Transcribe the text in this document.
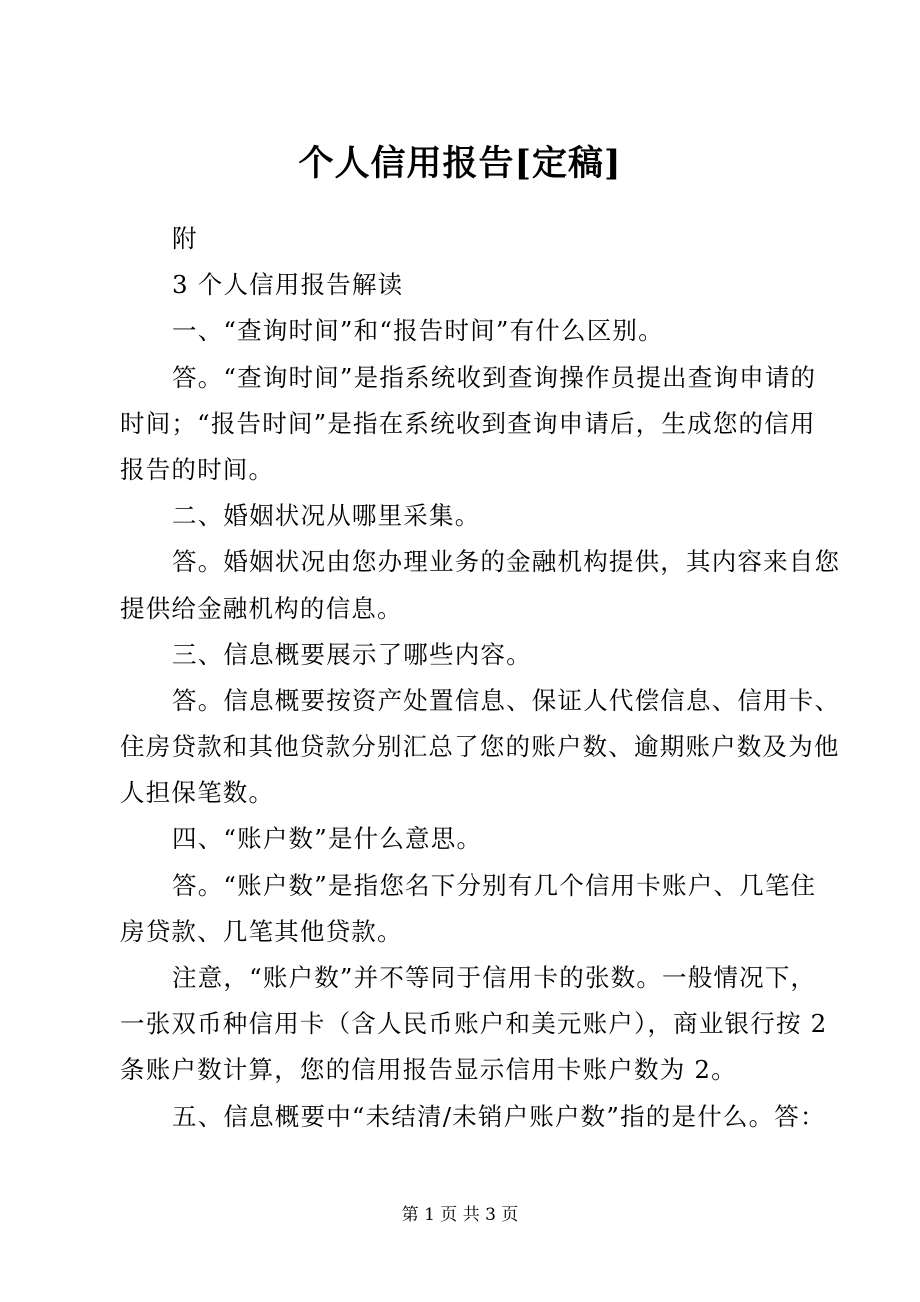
个人信用报告[定稿]
附
3 个人信用报告解读
一、“查询时间”和“报告时间”有什么区别。
答。“查询时间”是指系统收到查询操作员提出查询申请的
时间；“报告时间”是指在系统收到查询申请后，生成您的信用
报告的时间。
二、婚姻状况从哪里采集。
答。婚姻状况由您办理业务的金融机构提供，其内容来自您
提供给金融机构的信息。
三、信息概要展示了哪些内容。
答。信息概要按资产处置信息、保证人代偿信息、信用卡、
住房贷款和其他贷款分别汇总了您的账户数、逾期账户数及为他
人担保笔数。
四、“账户数”是什么意思。
答。“账户数”是指您名下分别有几个信用卡账户、几笔住
房贷款、几笔其他贷款。
注意，“账户数”并不等同于信用卡的张数。一般情况下，
一张双币种信用卡（含人民币账户和美元账户），商业银行按 2
条账户数计算，您的信用报告显示信用卡账户数为 2。
五、信息概要中“未结清/未销户账户数”指的是什么。答：
第 1 页 共 3 页
